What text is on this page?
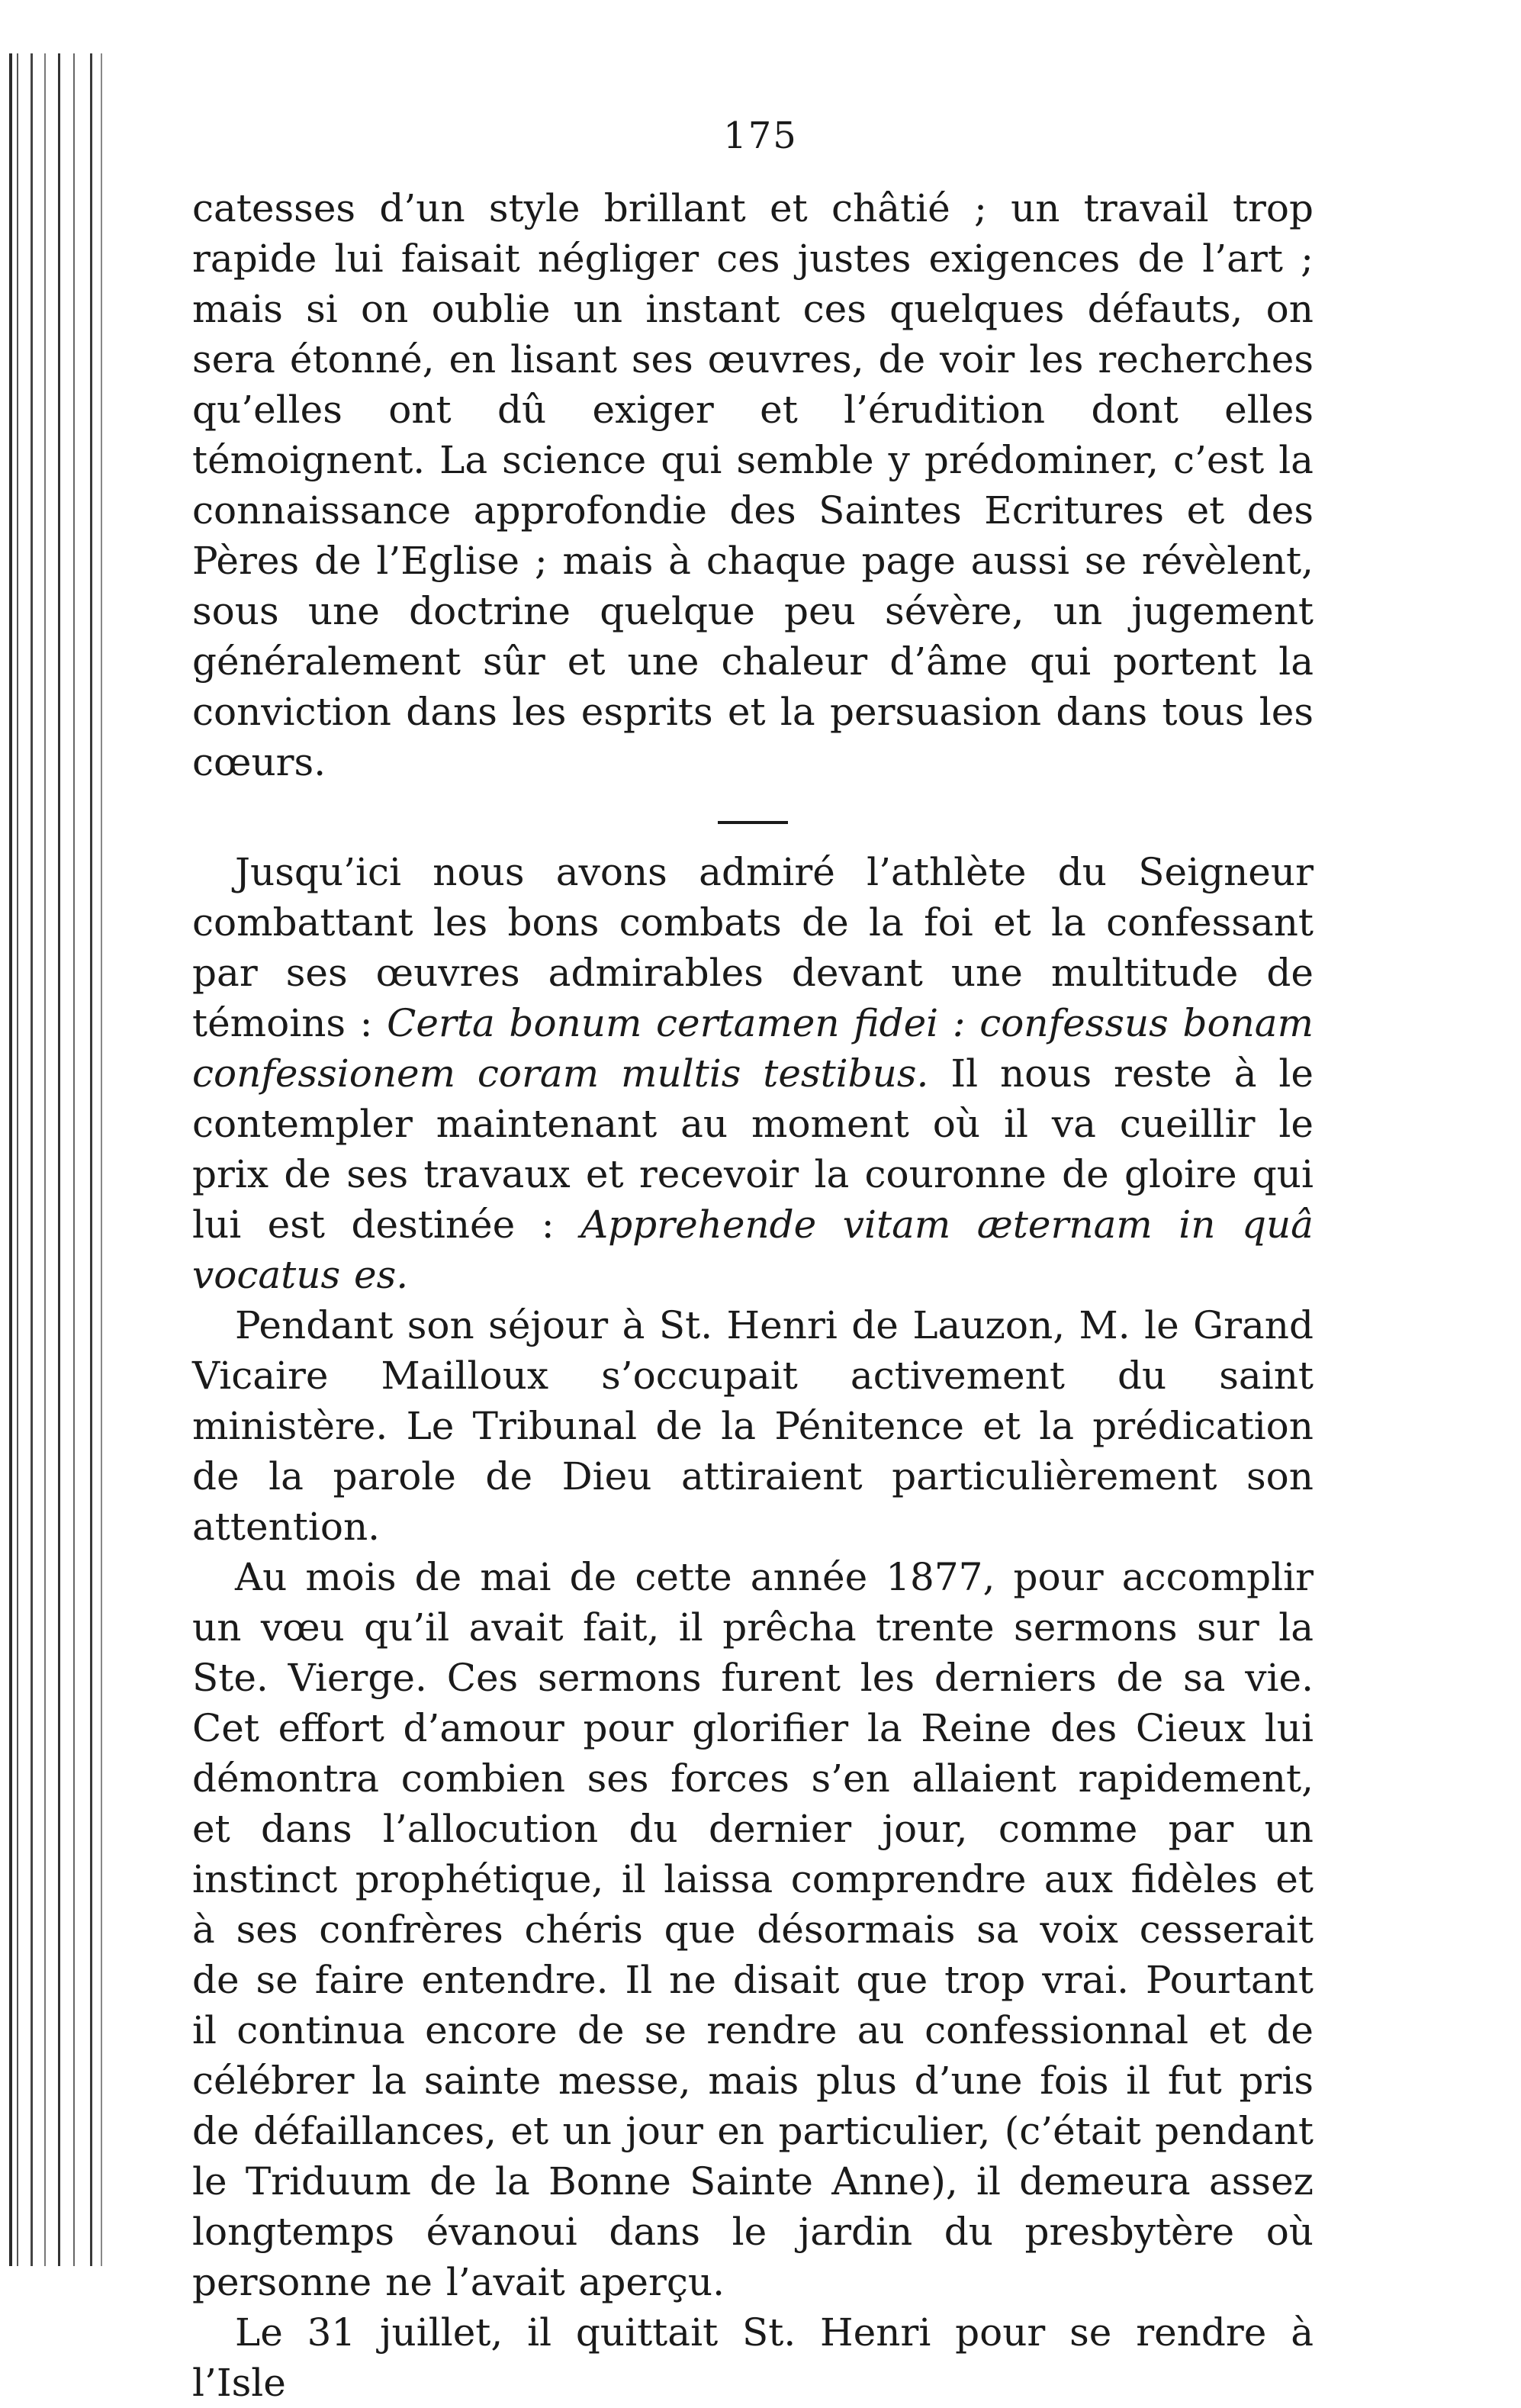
175

catesses d’un style brillant et châtié ; un travail trop rapide lui faisait négliger ces justes exigences de l’art ; mais si on oublie un instant ces quelques défauts, on sera étonné, en lisant ses œuvres, de voir les recherches qu’elles ont dû exiger et l’érudition dont elles témoignent. La science qui semble y prédominer, c’est la connaissance approfondie des Saintes Ecritures et des Pères de l’Eglise ; mais à chaque page aussi se révèlent, sous une doctrine quelque peu sévère, un jugement généralement sûr et une chaleur d’âme qui portent la conviction dans les esprits et la persuasion dans tous les cœurs.

Jusqu’ici nous avons admiré l’athlète du Seigneur combattant les bons combats de la foi et la confessant par ses œuvres admirables devant une multitude de témoins : Certa bonum certamen fidei : confessus bonam confessionem coram multis testibus. Il nous reste à le contempler maintenant au moment où il va cueillir le prix de ses travaux et recevoir la couronne de gloire qui lui est destinée : Apprehende vitam æternam in quâ vocatus es.

Pendant son séjour à St. Henri de Lauzon, M. le Grand Vicaire Mailloux s’occupait activement du saint ministère. Le Tribunal de la Pénitence et la prédication de la parole de Dieu attiraient particulièrement son attention.

Au mois de mai de cette année 1877, pour accomplir un vœu qu’il avait fait, il prêcha trente sermons sur la Ste. Vierge. Ces sermons furent les derniers de sa vie. Cet effort d’amour pour glorifier la Reine des Cieux lui démontra combien ses forces s’en allaient rapidement, et dans l’allocution du dernier jour, comme par un instinct prophétique, il laissa comprendre aux fidèles et à ses confrères chéris que désormais sa voix cesserait de se faire entendre. Il ne disait que trop vrai. Pourtant il continua encore de se rendre au confessionnal et de célébrer la sainte messe, mais plus d’une fois il fut pris de défaillances, et un jour en particulier, (c’était pendant le Triduum de la Bonne Sainte Anne), il demeura assez longtemps évanoui dans le jardin du presbytère où personne ne l’avait aperçu.

Le 31 juillet, il quittait St. Henri pour se rendre à l’Isle
